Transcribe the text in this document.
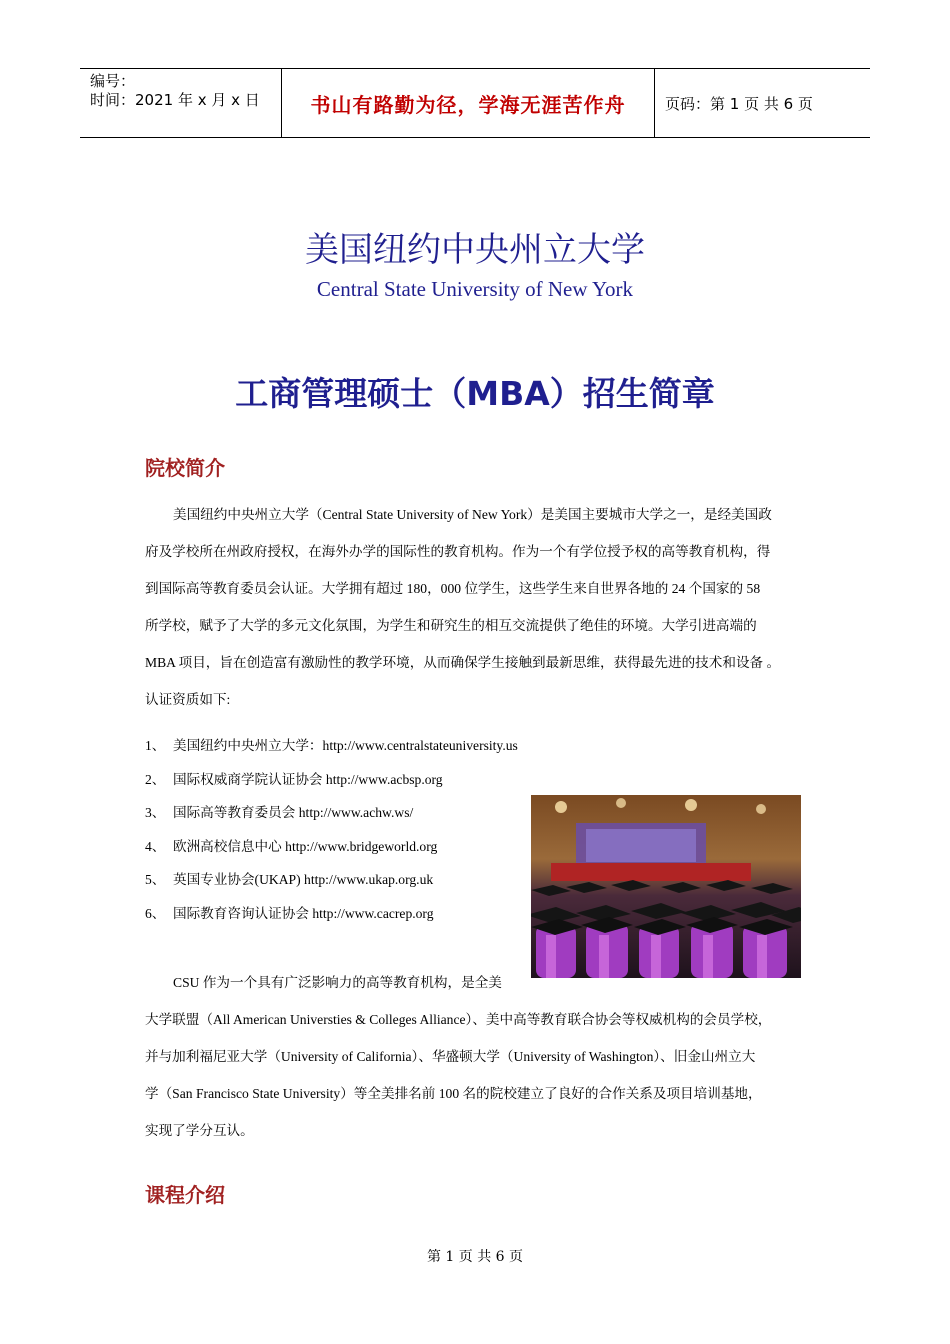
编号：
时间：2021 年 x 月 x 日	书山有路勤为径，学海无涯苦作舟	页码：第 1 页 共 6 页
美国纽约中央州立大学
Central State University of New York
工商管理硕士（MBA）招生简章
院校简介
美国纽约中央州立大学（Central State University of New York）是美国主要城市大学之一，是经美国政
府及学校所在州政府授权，在海外办学的国际性的教育机构。作为一个有学位授予权的高等教育机构，得
到国际高等教育委员会认证。大学拥有超过 180，000 位学生，这些学生来自世界各地的 24 个国家的 58
所学校，赋予了大学的多元文化氛围，为学生和研究生的相互交流提供了绝佳的环境。大学引进高端的
MBA 项目，旨在创造富有激励性的教学环境，从而确保学生接触到最新思维，获得最先进的技术和设备 。
认证资质如下:
1、 美国纽约中央州立大学：http://www.centralstateuniversity.us
2、 国际权威商学院认证协会 http://www.acbsp.org
3、 国际高等教育委员会 http://www.achw.ws/
4、 欧洲高校信息中心 http://www.bridgeworld.org
5、 英国专业协会(UKAP) http://www.ukap.org.uk
6、 国际教育咨询认证协会 http://www.cacrep.org
CSU 作为一个具有广泛影响力的高等教育机构，是全美
大学联盟（All American Universties & Colleges Alliance）、美中高等教育联合协会等权威机构的会员学校，
并与加利福尼亚大学（University of California）、华盛顿大学（University of Washington）、旧金山州立大
学（San Francisco State University）等全美排名前 100 名的院校建立了良好的合作关系及项目培训基地，
实现了学分互认。
课程介绍
第 1 页 共 6 页
